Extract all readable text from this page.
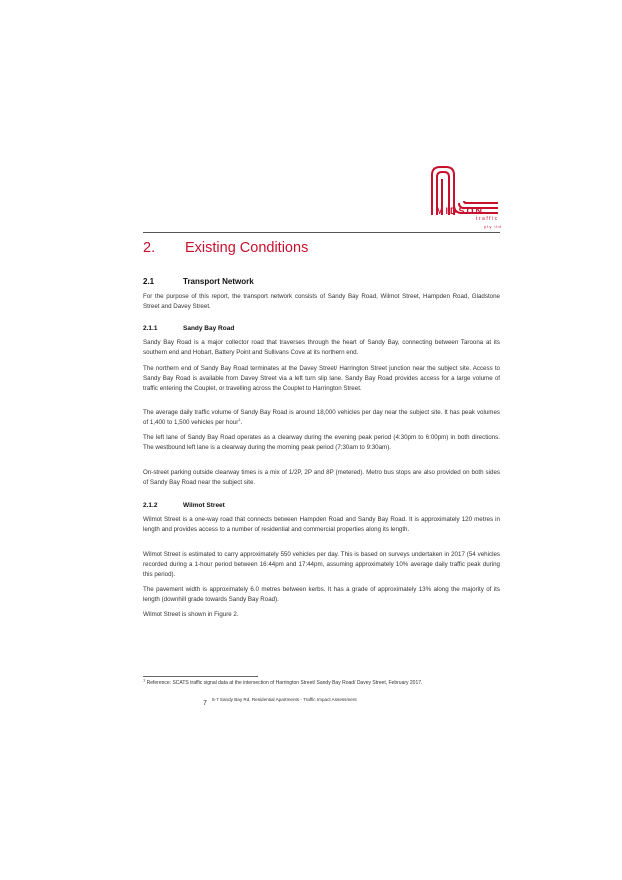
MIDSON
traffic
pty ltd
2. Existing Conditions
2.1	Transport Network

For the purpose of this report, the transport network consists of Sandy Bay Road, Wilmot Street, Hampden Road, Gladstone Street and Davey Street.

2.1.1	Sandy Bay Road

Sandy Bay Road is a major collector road that traverses through the heart of Sandy Bay, connecting between Taroona at its southern end and Hobart, Battery Point and Sullivans Cove at its northern end.

The northern end of Sandy Bay Road terminates at the Davey Street/ Harrington Street junction near the subject site. Access to Sandy Bay Road is available from Davey Street via a left turn slip lane. Sandy Bay Road provides access for a large volume of traffic entering the Couplet, or travelling across the Couplet to Harrington Street.

The average daily traffic volume of Sandy Bay Road is around 18,000 vehicles per day near the subject site. It has peak volumes of 1,400 to 1,500 vehicles per hour$^1$.

The left lane of Sandy Bay Road operates as a clearway during the evening peak period (4:30pm to 6:00pm) in both directions. The westbound left lane is a clearway during the morning peak period (7:30am to 9:30am).

On-street parking outside clearway times is a mix of 1/2P, 2P and 8P (metered). Metro bus stops are also provided on both sides of Sandy Bay Road near the subject site.

2.1.2	Wilmot Street

Wilmot Street is a one-way road that connects between Hampden Road and Sandy Bay Road. It is approximately 120 metres in length and provides access to a number of residential and commercial properties along its length.

Wilmot Street is estimated to carry approximately 550 vehicles per day. This is based on surveys undertaken in 2017 (54 vehicles recorded during a 1-hour period between 16:44pm and 17:44pm, assuming approximately 10% average daily traffic peak during this period).

The pavement width is approximately 6.0 metres between kerbs. It has a grade of approximately 13% along the majority of its length (downhill grade towards Sandy Bay Road).

Wilmot Street is shown in Figure 2.

$^1$ Reference: SCATS traffic signal data at the intersection of Harrington Street/ Sandy Bay Road/ Davey Street, February 2017.
7
5-7 Sandy Bay Rd, Residential Apartments - Traffic Impact Assessment
